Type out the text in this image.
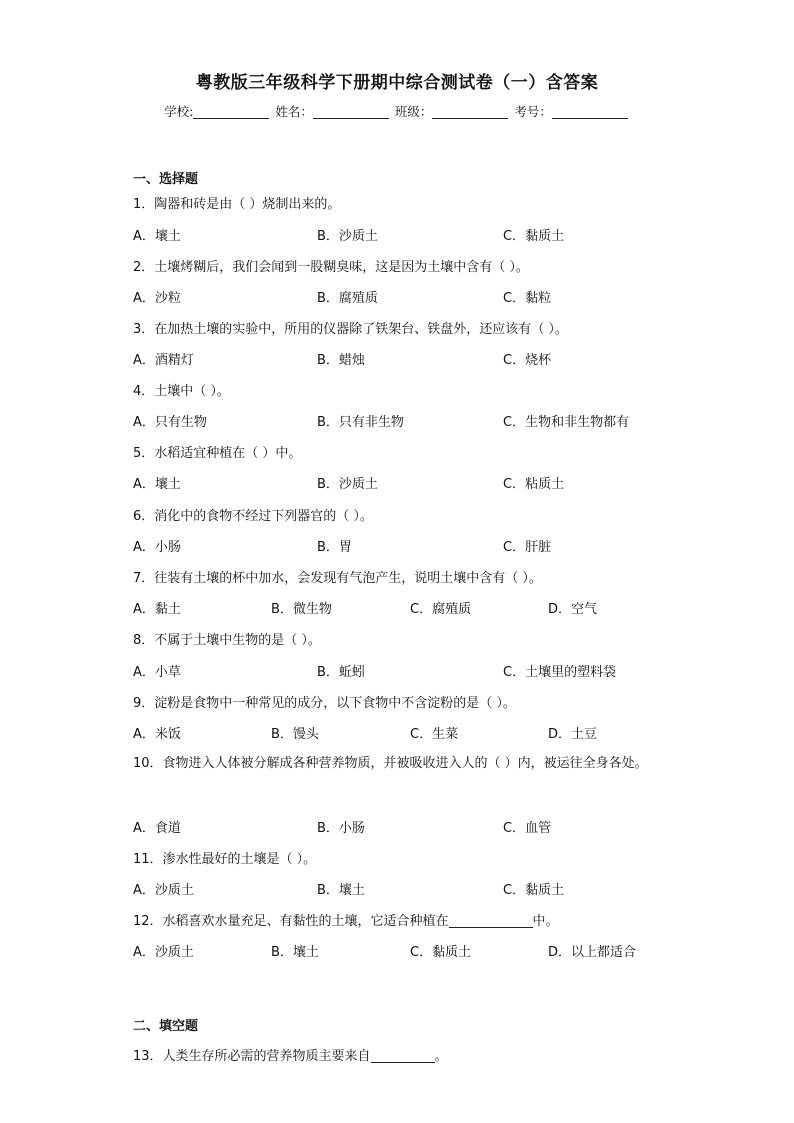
粤教版三年级科学下册期中综合测试卷（一）含答案
学校:	姓名：	班级：	考号：
一、选择题
1．陶器和砖是由（ ）烧制出来的。
A．壤土	B．沙质土	C．黏质土
2．土壤烤糊后，我们会闻到一股糊臭味，这是因为土壤中含有（ ）。
A．沙粒	B．腐殖质	C．黏粒
3．在加热土壤的实验中，所用的仪器除了铁架台、铁盘外，还应该有（ ）。
A．酒精灯	B．蜡烛	C．烧杯
4．土壤中（ ）。
A．只有生物	B．只有非生物	C．生物和非生物都有
5．水稻适宜种植在（ ）中。
A．壤土	B．沙质土	C．粘质土
6．消化中的食物不经过下列器官的（ ）。
A．小肠	B．胃	C．肝脏
7．往装有土壤的杯中加水，会发现有气泡产生，说明土壤中含有（ ）。
A．黏土	B．微生物	C．腐殖质	D．空气
8．不属于土壤中生物的是（ ）。
A．小草	B．蚯蚓	C．土壤里的塑料袋
9．淀粉是食物中一种常见的成分，以下食物中不含淀粉的是（ ）。
A．米饭	B．馒头	C．生菜	D．土豆
10．食物进入人体被分解成各种营养物质，并被吸收进入人的（ ）内，被运往全身各处。
A．食道	B．小肠	C．血管
11．渗水性最好的土壤是（ ）。
A．沙质土	B．壤土	C．黏质土
12．水稻喜欢水量充足、有黏性的土壤，它适合种植在	中。
A．沙质土	B．壤土	C．黏质土	D．以上都适合
二、填空题
13．人类生存所必需的营养物质主要来自	。
